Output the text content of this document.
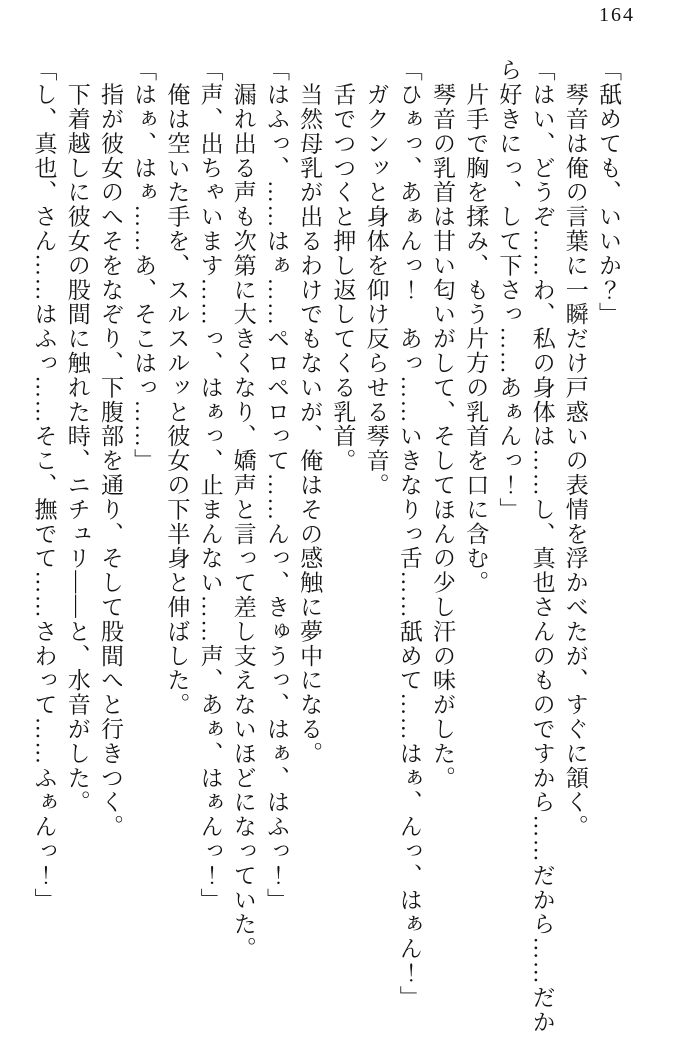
164

「舐めても、いいか？」

　琴音は俺の言葉に一瞬だけ戸惑いの表情を浮かべたが、すぐに頷く。

「はい、どうぞ……わ、私の身体は……し、真也さんのものですから……だから……だか

ら好きにっ、して下さっ……あぁんっ！」

　片手で胸を揉み、もう片方の乳首を口に含む。

　琴音の乳首は甘い匂いがして、そしてほんの少し汗の味がした。

「ひぁっ、あぁんっ！　あっ……いきなりっ舌……舐めて……はぁ、んっ、はぁん！」

　ガクンッと身体を仰け反らせる琴音。

　舌でつつくと押し返してくる乳首。

　当然母乳が出るわけでもないが、俺はその感触に夢中になる。

「はふっ、……はぁ……ペロペロって……んっ、きゅうっ、はぁ、はふっ！」

　漏れ出る声も次第に大きくなり、嬌声と言って差し支えないほどになっていた。

「声、出ちゃいます……っ、はぁっ、止まんない……声、あぁ、はぁんっ！」

　俺は空いた手を、スルスルッと彼女の下半身と伸ばした。

「はぁ、はぁ……あ、そこはっ……」

　指が彼女のへそをなぞり、下腹部を通り、そして股間へと行きつく。

　下着越しに彼女の股間に触れた時、ニチュリ――と、水音がした。

「し、真也、さん……はふっ……そこ、撫でて……さわって……ふぁんっ！」
